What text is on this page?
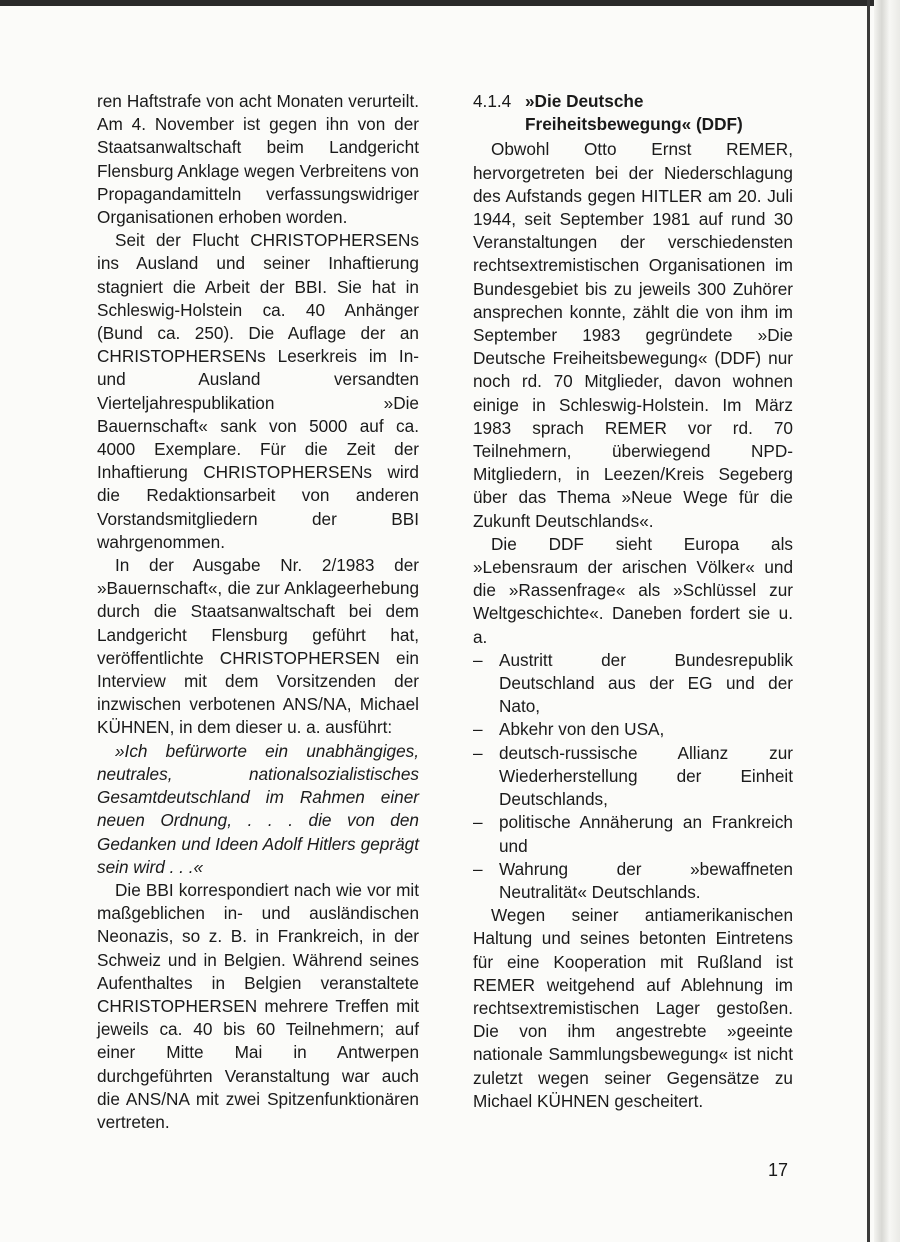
ren Haftstrafe von acht Monaten verurteilt. Am 4. November ist gegen ihn von der Staatsanwaltschaft beim Landgericht Flensburg Anklage wegen Verbreitens von Propagandamitteln verfassungswidriger Organisationen erhoben worden.

Seit der Flucht CHRISTOPHERSENs ins Ausland und seiner Inhaftierung stagniert die Arbeit der BBI. Sie hat in Schleswig-Holstein ca. 40 Anhänger (Bund ca. 250). Die Auflage der an CHRISTOPHERSENs Leserkreis im In- und Ausland versandten Vierteljahrespublikation »Die Bauernschaft« sank von 5000 auf ca. 4000 Exemplare. Für die Zeit der Inhaftierung CHRISTOPHERSENs wird die Redaktionsarbeit von anderen Vorstandsmitgliedern der BBI wahrgenommen.

In der Ausgabe Nr. 2/1983 der »Bauernschaft«, die zur Anklageerhebung durch die Staatsanwaltschaft bei dem Landgericht Flensburg geführt hat, veröffentlichte CHRISTOPHERSEN ein Interview mit dem Vorsitzenden der inzwischen verbotenen ANS/NA, Michael KÜHNEN, in dem dieser u. a. ausführt:

»Ich befürworte ein unabhängiges, neutrales, nationalsozialistisches Gesamtdeutschland im Rahmen einer neuen Ordnung, . . . die von den Gedanken und Ideen Adolf Hitlers geprägt sein wird . . .«

Die BBI korrespondiert nach wie vor mit maßgeblichen in- und ausländischen Neonazis, so z. B. in Frankreich, in der Schweiz und in Belgien. Während seines Aufenthaltes in Belgien veranstaltete CHRISTOPHERSEN mehrere Treffen mit jeweils ca. 40 bis 60 Teilnehmern; auf einer Mitte Mai in Antwerpen durchgeführten Veranstaltung war auch die ANS/NA mit zwei Spitzenfunktionären vertreten.

4.1.4 »Die Deutsche Freiheitsbewegung« (DDF)

Obwohl Otto Ernst REMER, hervorgetreten bei der Niederschlagung des Aufstands gegen HITLER am 20. Juli 1944, seit September 1981 auf rund 30 Veranstaltungen der verschiedensten rechtsextremistischen Organisationen im Bundesgebiet bis zu jeweils 300 Zuhörer ansprechen konnte, zählt die von ihm im September 1983 gegründete »Die Deutsche Freiheitsbewegung« (DDF) nur noch rd. 70 Mitglieder, davon wohnen einige in Schleswig-Holstein. Im März 1983 sprach REMER vor rd. 70 Teilnehmern, überwiegend NPD-Mitgliedern, in Leezen/Kreis Segeberg über das Thema »Neue Wege für die Zukunft Deutschlands«.

Die DDF sieht Europa als »Lebensraum der arischen Völker« und die »Rassenfrage« als »Schlüssel zur Weltgeschichte«. Daneben fordert sie u. a.

– Austritt der Bundesrepublik Deutschland aus der EG und der Nato,
– Abkehr von den USA,
– deutsch-russische Allianz zur Wiederherstellung der Einheit Deutschlands,
– politische Annäherung an Frankreich und
– Wahrung der »bewaffneten Neutralität« Deutschlands.

Wegen seiner antiamerikanischen Haltung und seines betonten Eintretens für eine Kooperation mit Rußland ist REMER weitgehend auf Ablehnung im rechtsextremistischen Lager gestoßen. Die von ihm angestrebte »geeinte nationale Sammlungsbewegung« ist nicht zuletzt wegen seiner Gegensätze zu Michael KÜHNEN gescheitert.

17
